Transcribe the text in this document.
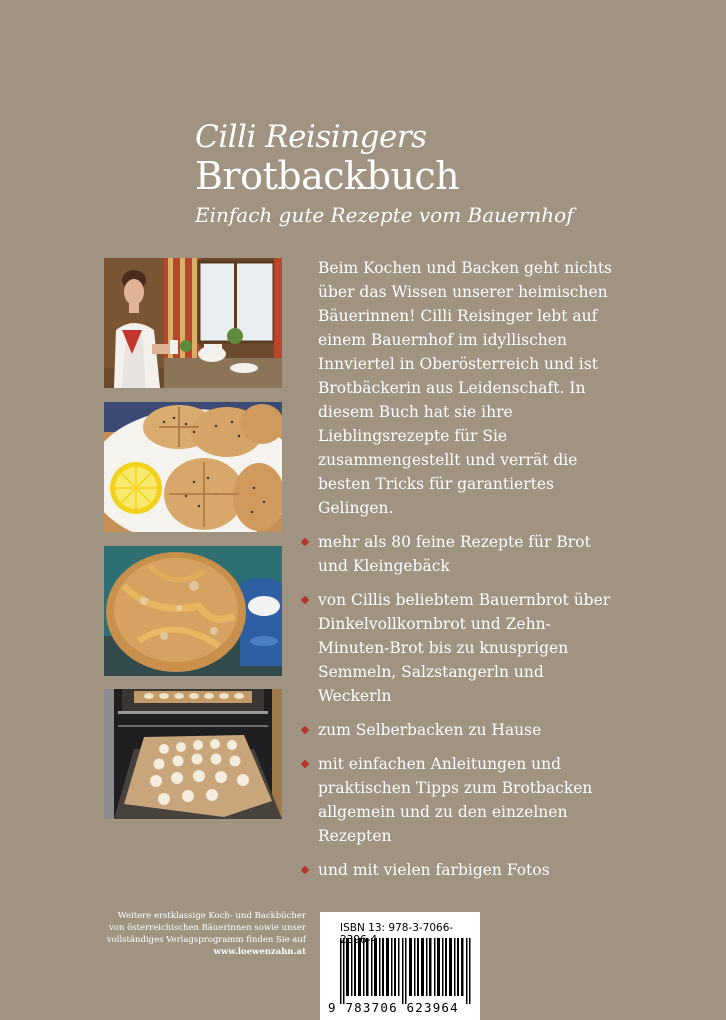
Cilli Reisingers
Brotbackbuch
Einfach gute Rezepte vom Bauernhof

Beim Kochen und Backen geht nichts über das Wissen unserer heimischen Bäuerinnen! Cilli Reisinger lebt auf einem Bauernhof im idyllischen Innviertel in Oberösterreich und ist Brotbäckerin aus Leidenschaft. In diesem Buch hat sie ihre Lieblingsrezepte für Sie zusammengestellt und verrät die besten Tricks für garantiertes Gelingen.

mehr als 80 feine Rezepte für Brot und Kleingebäck
von Cillis beliebtem Bauernbrot über Dinkelvollkornbrot und Zehn-Minuten-Brot bis zu knusprigen Semmeln, Salzstangerln und Weckerln
zum Selberbacken zu Hause
mit einfachen Anleitungen und praktischen Tipps zum Brotbacken allgemein und zu den einzelnen Rezepten
und mit vielen farbigen Fotos
Weitere erstklassige Koch- und Backbücher von österreichischen Bäuerinnen sowie unser vollständiges Verlagsprogramm finden Sie auf
www.loewenzahn.at
ISBN 13: 978-3-7066- 396-4
9 783706 623964
